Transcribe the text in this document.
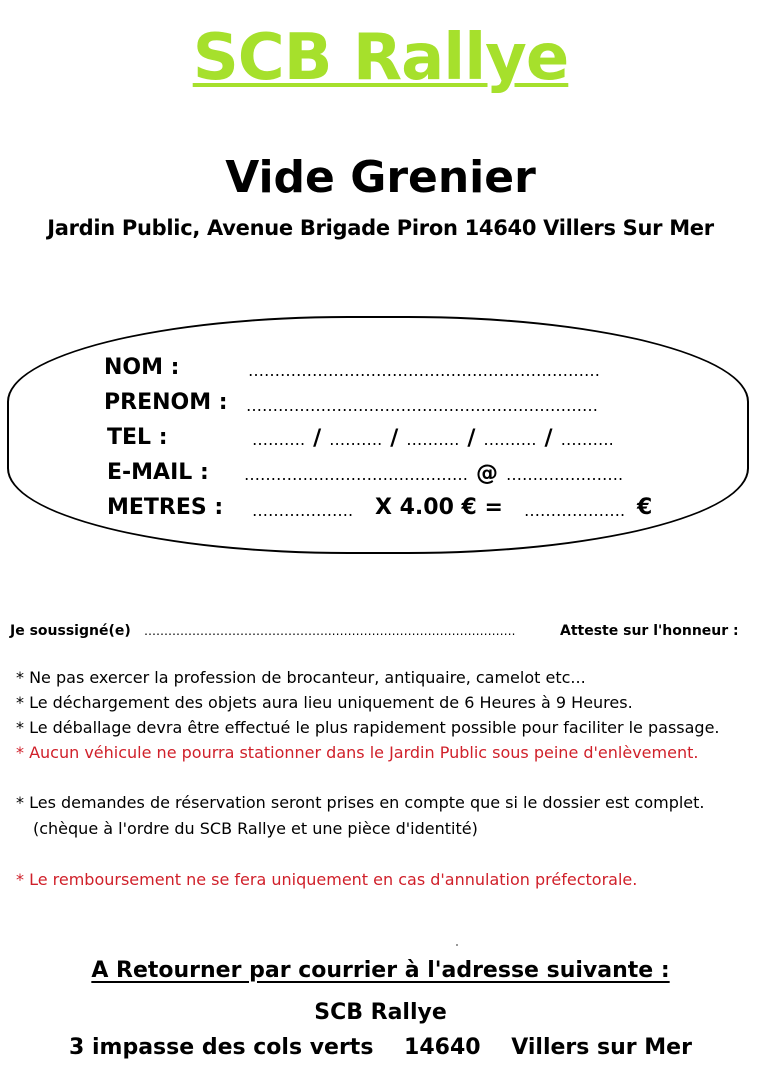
SCB Rallye
Vide Grenier
Jardin Public, Avenue Brigade Piron 14640 Villers Sur Mer
NOM :	…………………………………………………………
PRENOM : …………………………………………………………
TEL :	………. / ………. / ………. / ………. / ……….
E-MAIL : …………………………………… @ ………………….
METRES : ………………. X 4.00 € = ………………. €
Je soussigné(e) ………………………………………..……………………………………….	Atteste sur l'honneur :
* Ne pas exercer la profession de brocanteur, antiquaire, camelot etc...
* Le déchargement des objets aura lieu uniquement de 6 Heures à 9 Heures.
* Le déballage devra être effectué le plus rapidement possible pour faciliter le passage.
* Aucun véhicule ne pourra stationner dans le Jardin Public sous peine d'enlèvement.
* Les demandes de réservation seront prises en compte que si le dossier est complet.
(chèque à l'ordre du SCB Rallye et une pièce d'identité)
* Le remboursement ne se fera uniquement en cas d'annulation préfectorale.
A Retourner par courrier à l'adresse suivante :
SCB Rallye
3 impasse des cols verts    14640    Villers sur Mer
